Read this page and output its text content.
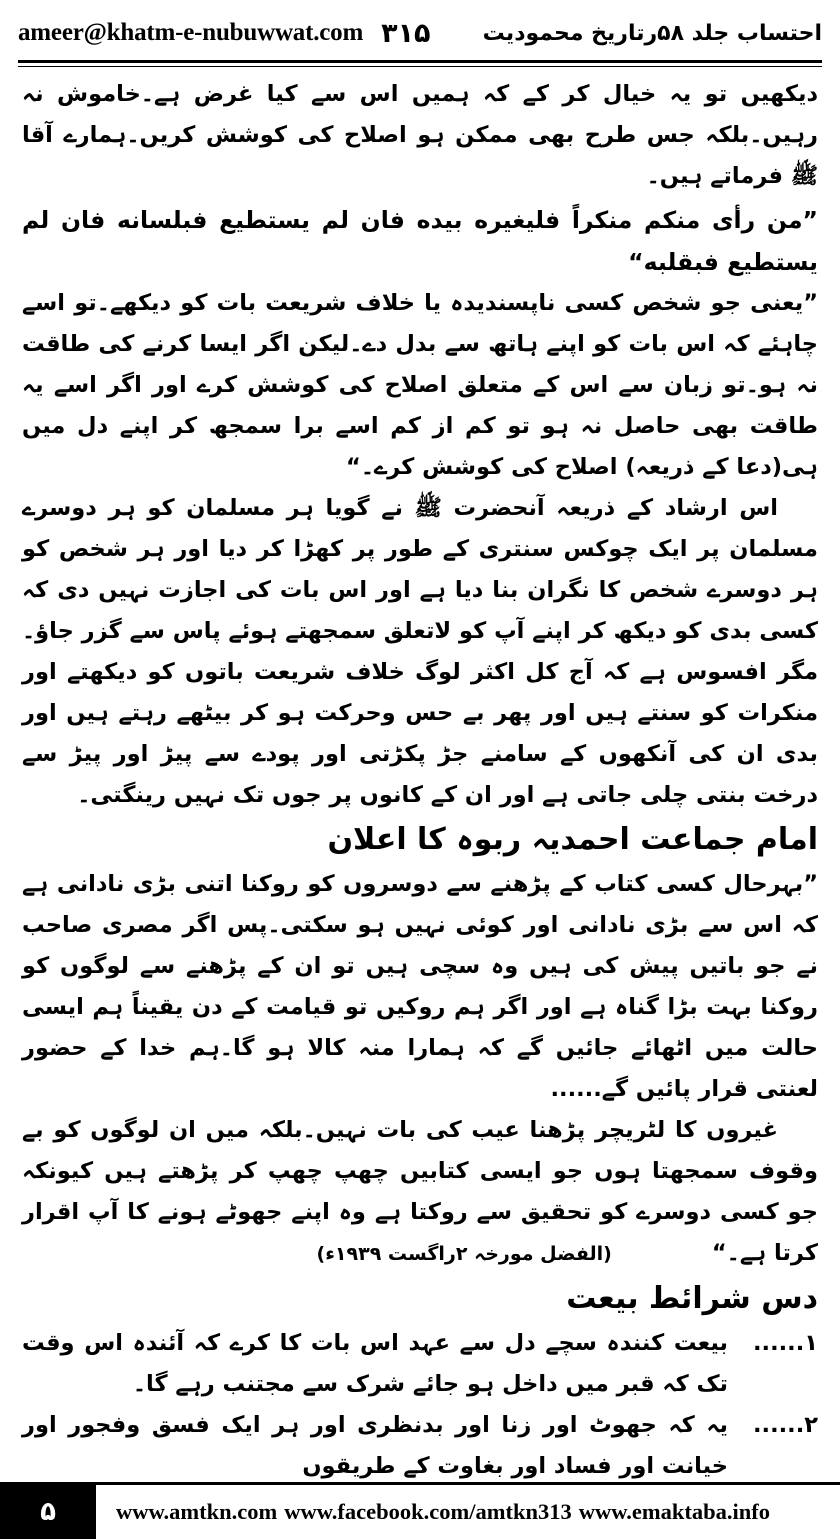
ameer@khatm-e-nubuwwat.com ٣١۵ احتساب جلد ۵۸رتاریخ محمودیت

دیکھیں تو یہ خیال کر کے کہ ہمیں اس سے کیا غرض ہے۔خاموش نہ رہیں۔بلکہ جس طرح بھی ممکن ہو اصلاح کی کوشش کریں۔ہمارے آقا ﷺ فرماتے ہیں۔

”من رأى منكم منكراً فليغيره بيده فان لم يستطيع فبلسانه فان لم يستطيع فبقلبه“

”یعنی جو شخص کسی ناپسندیدہ یا خلاف شریعت بات کو دیکھے۔تو اسے چاہئے کہ اس بات کو اپنے ہاتھ سے بدل دے۔لیکن اگر ایسا کرنے کی طاقت نہ ہو۔تو زبان سے اس کے متعلق اصلاح کی کوشش کرے اور اگر اسے یہ طاقت بھی حاصل نہ ہو تو کم از کم اسے برا سمجھ کر اپنے دل میں ہی(دعا کے ذریعہ) اصلاح کی کوشش کرے۔“

اس ارشاد کے ذریعہ آنحضرت ﷺ نے گویا ہر مسلمان کو ہر دوسرے مسلمان پر ایک چوکس سنتری کے طور پر کھڑا کر دیا اور ہر شخص کو ہر دوسرے شخص کا نگران بنا دیا ہے اور اس بات کی اجازت نہیں دی کہ کسی بدی کو دیکھ کر اپنے آپ کو لاتعلق سمجھتے ہوئے پاس سے گزر جاؤ۔مگر افسوس ہے کہ آج کل اکثر لوگ خلاف شریعت باتوں کو دیکھتے اور منکرات کو سنتے ہیں اور پھر بے حس وحرکت ہو کر بیٹھے رہتے ہیں اور بدی ان کی آنکھوں کے سامنے جڑ پکڑتی اور پودے سے پیڑ اور پیڑ سے درخت بنتی چلی جاتی ہے اور ان کے کانوں پر جوں تک نہیں رینگتی۔

امام جماعت احمدیہ ربوہ کا اعلان

”بہرحال کسی کتاب کے پڑھنے سے دوسروں کو روکنا اتنی بڑی نادانی ہے کہ اس سے بڑی نادانی اور کوئی نہیں ہو سکتی۔پس اگر مصری صاحب نے جو باتیں پیش کی ہیں وہ سچی ہیں تو ان کے پڑھنے سے لوگوں کو روکنا بہت بڑا گناہ ہے اور اگر ہم روکیں تو قیامت کے دن یقیناً ہم ایسی حالت میں اٹھائے جائیں گے کہ ہمارا منہ کالا ہو گا۔ہم خدا کے حضور لعنتی قرار پائیں گے......

غیروں کا لٹریچر پڑھنا عیب کی بات نہیں۔بلکہ میں ان لوگوں کو بے وقوف سمجھتا ہوں جو ایسی کتابیں چھپ چھپ کر پڑھتے ہیں کیونکہ جو کسی دوسرے کو تحقیق سے روکتا ہے وہ اپنے جھوٹے ہونے کا آپ اقرار کرتا ہے۔“(الفضل مورخہ ۲راگست ۱۹۳۹ء)

دس شرائط بیعت

۱......

بیعت کنندہ سچے دل سے عہد اس بات کا کرے کہ آئندہ اس وقت تک کہ قبر میں داخل ہو جائے شرک سے مجتنب رہے گا۔

۲......

یہ کہ جھوٹ اور زنا اور بدنظری اور ہر ایک فسق وفجور اور خیانت اور فساد اور بغاوت کے طریقوں

۵	www.amtkn.com www.facebook.com/amtkn313 www.emaktaba.info
